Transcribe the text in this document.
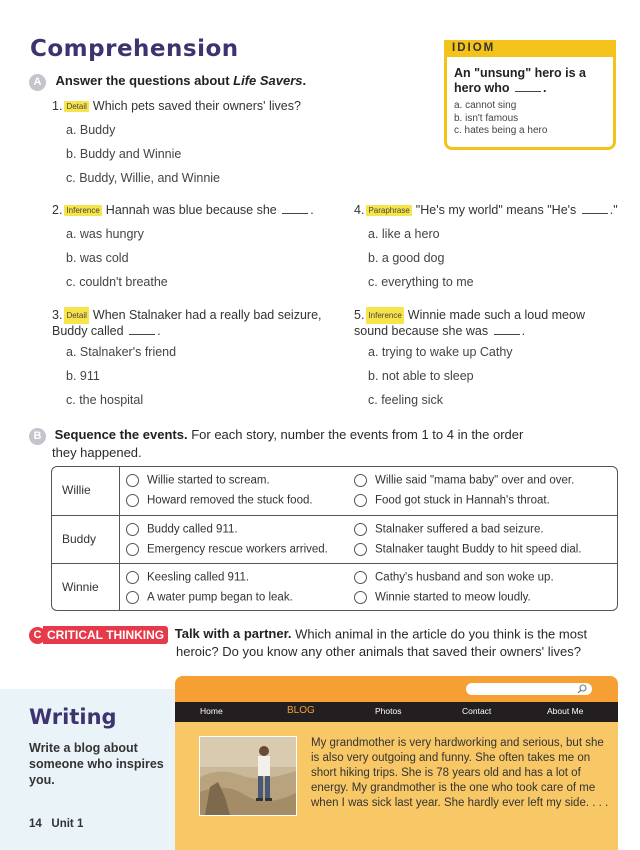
Comprehension	IDIOM
An "unsung" hero is a hero who	.
a. cannot sing
b. isn't famous
c. hates being a hero
A Answer the questions about Life Savers.
1. Detail Which pets saved their owners' lives?
a. Buddy
b. Buddy and Winnie
c. Buddy, Willie, and Winnie
2. Inference Hannah was blue because she	.
a. was hungry
b. was cold
c. couldn't breathe
3. Detail When Stalnaker had a really bad seizure,
Buddy called	.
a. Stalnaker's friend
b. 911
c. the hospital
4. Paraphrase "He's my world" means "He's	."
a. like a hero
b. a good dog
c. everything to me
5. Inference Winnie made such a loud meow
sound because she was	.
a. trying to wake up Cathy
b. not able to sleep
c. feeling sick
B Sequence the events. For each story, number the events from 1 to 4 in the order
they happened.
Willie
Willie started to scream.
Howard removed the stuck food.
Willie said "mama baby" over and over.
Food got stuck in Hannah's throat.
Buddy
Buddy called 911.
Emergency rescue workers arrived.
Stalnaker suffered a bad seizure.
Stalnaker taught Buddy to hit speed dial.
Winnie
Keesling called 911.
A water pump began to leak.
Cathy's husband and son woke up.
Winnie started to meow loudly.
C CRITICAL THINKING Talk with a partner. Which animal in the article do you think is the most
heroic? Do you know any other animals that saved their owners' lives?
Writing
Write a blog about someone who inspires you.
14 Unit 1
Home	BLOG	Photos	Contact	About Me
My grandmother is very hardworking and serious, but she is also very outgoing and funny. She often takes me on short hiking trips. She is 78 years old and has a lot of energy. My grandmother is the one who took care of me when I was sick last year. She hardly ever left my side. . . .
